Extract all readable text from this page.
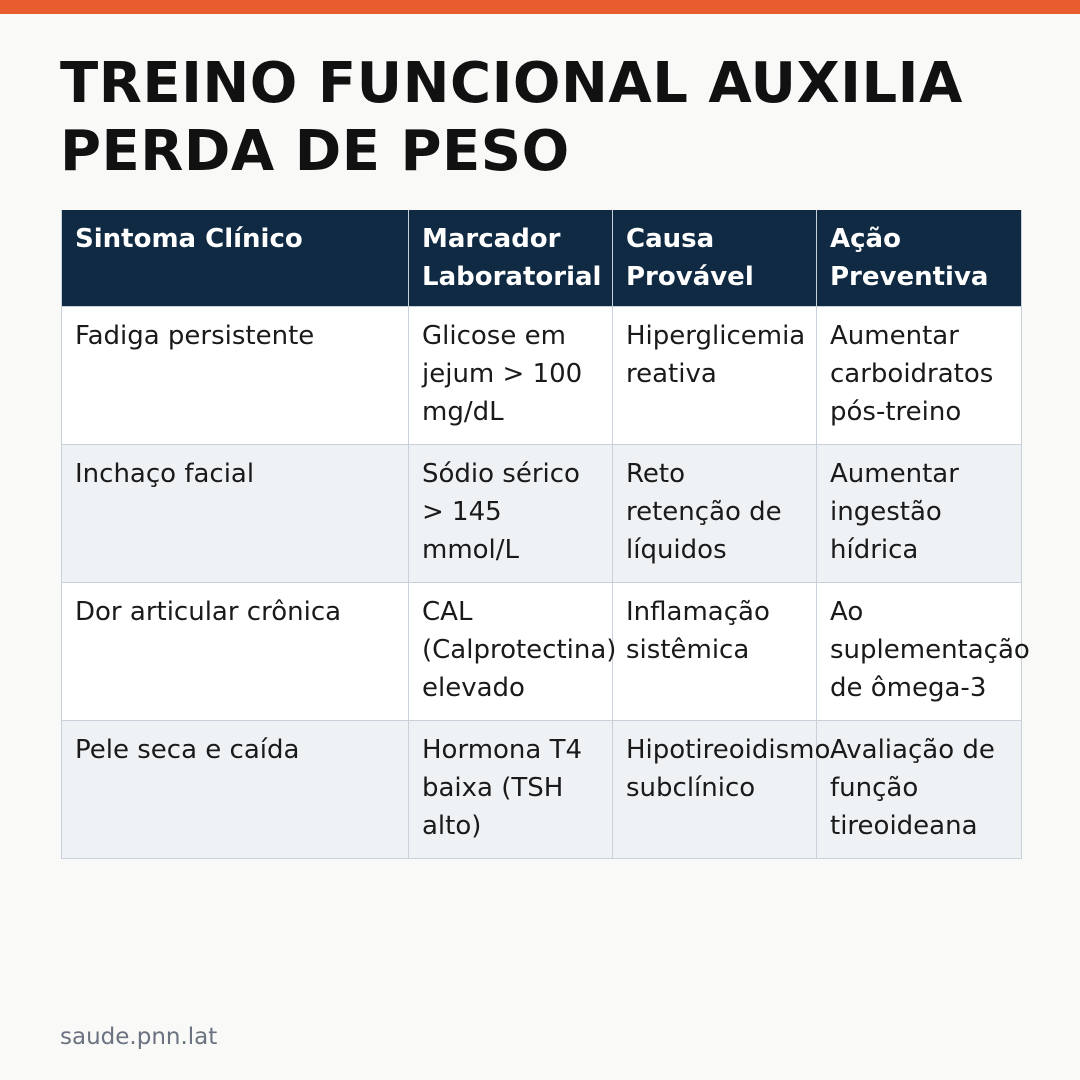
TREINO FUNCIONAL AUXILIA PERDA DE PESO
Sintoma Clínico	Marcador Laboratorial	Causa Provável	Ação Preventiva
Fadiga persistente	Glicose em jejum > 100 mg/dL	Hiperglicemia reativa	Aumentar carboidratos pós-treino
Inchaço facial	Sódio sérico > 145 mmol/L	Reto retenção de líquidos	Aumentar ingestão hídrica
Dor articular crônica	CAL (Calprotectina) elevado	Inflamação sistêmica	Ao suplementação de ômega-3
Pele seca e caída	Hormona T4 baixa (TSH alto)	Hipotireoidismo subclínico	Avaliação de função tireoideana
saude.pnn.lat
